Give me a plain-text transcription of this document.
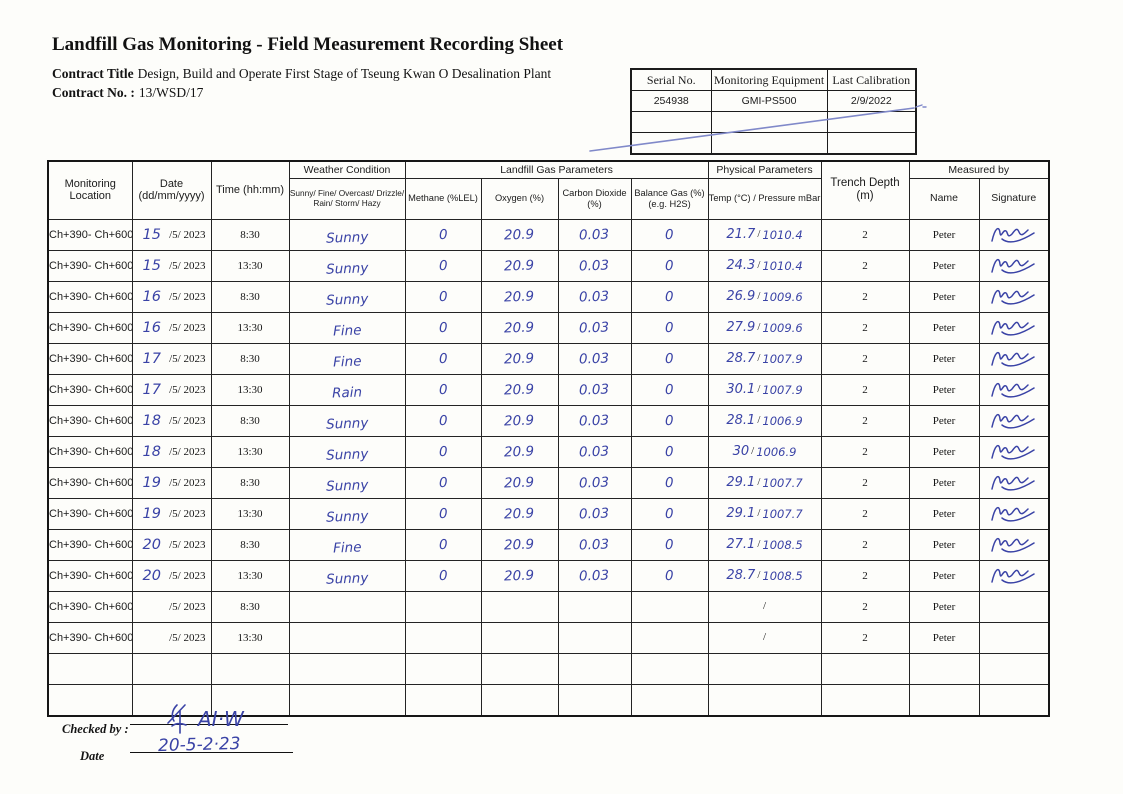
Landfill Gas Monitoring - Field Measurement Recording Sheet
Contract Title Design, Build and Operate First Stage of Tseung Kwan O Desalination Plant
Contract No. : 13/WSD/17
Serial No.	Monitoring Equipment	Last Calibration
254938	GMI-PS500	2/9/2022

Monitoring Location	Date (dd/mm/yyyy)	Time (hh:mm)	Weather Condition	Landfill Gas Parameters				Physical Parameters	Trench Depth (m)	Measured by	
			Sunny/ Fine/ Overcast/ Drizzle/ Rain/ Storm/ Hazy	Methane (%LEL)	Oxygen (%)	Carbon Dioxide (%)	Balance Gas (%) (e.g. H2S)	Temp (°C) / Pressure mBar		Name	Signature
Ch+390- Ch+600	15 /5/ 2023	8:30	Sunny	0	20.9	0.03	0	21.7 / 1010.4	2	Peter	

Ch+390- Ch+600	15 /5/ 2023	13:30	Sunny	0	20.9	0.03	0	24.3 / 1010.4	2	Peter	

Ch+390- Ch+600	16 /5/ 2023	8:30	Sunny	0	20.9	0.03	0	26.9 / 1009.6	2	Peter	

Ch+390- Ch+600	16 /5/ 2023	13:30	Fine	0	20.9	0.03	0	27.9 / 1009.6	2	Peter	

Ch+390- Ch+600	17 /5/ 2023	8:30	Fine	0	20.9	0.03	0	28.7 / 1007.9	2	Peter	

Ch+390- Ch+600	17 /5/ 2023	13:30	Rain	0	20.9	0.03	0	30.1 / 1007.9	2	Peter	

Ch+390- Ch+600	18 /5/ 2023	8:30	Sunny	0	20.9	0.03	0	28.1 / 1006.9	2	Peter	

Ch+390- Ch+600	18 /5/ 2023	13:30	Sunny	0	20.9	0.03	0	30 / 1006.9	2	Peter	

Ch+390- Ch+600	19 /5/ 2023	8:30	Sunny	0	20.9	0.03	0	29.1 / 1007.7	2	Peter	

Ch+390- Ch+600	19 /5/ 2023	13:30	Sunny	0	20.9	0.03	0	29.1 / 1007.7	2	Peter	

Ch+390- Ch+600	20 /5/ 2023	8:30	Fine	0	20.9	0.03	0	27.1 / 1008.5	2	Peter	

Ch+390- Ch+600	20 /5/ 2023	13:30	Sunny	0	20.9	0.03	0	28.7 / 1008.5	2	Peter	

Ch+390- Ch+600	/5/ 2023	8:30						/	2	Peter	
Ch+390- Ch+600	/5/ 2023	13:30						/	2	Peter	

Checked by :	AI·W
Date	20-5-2·23
